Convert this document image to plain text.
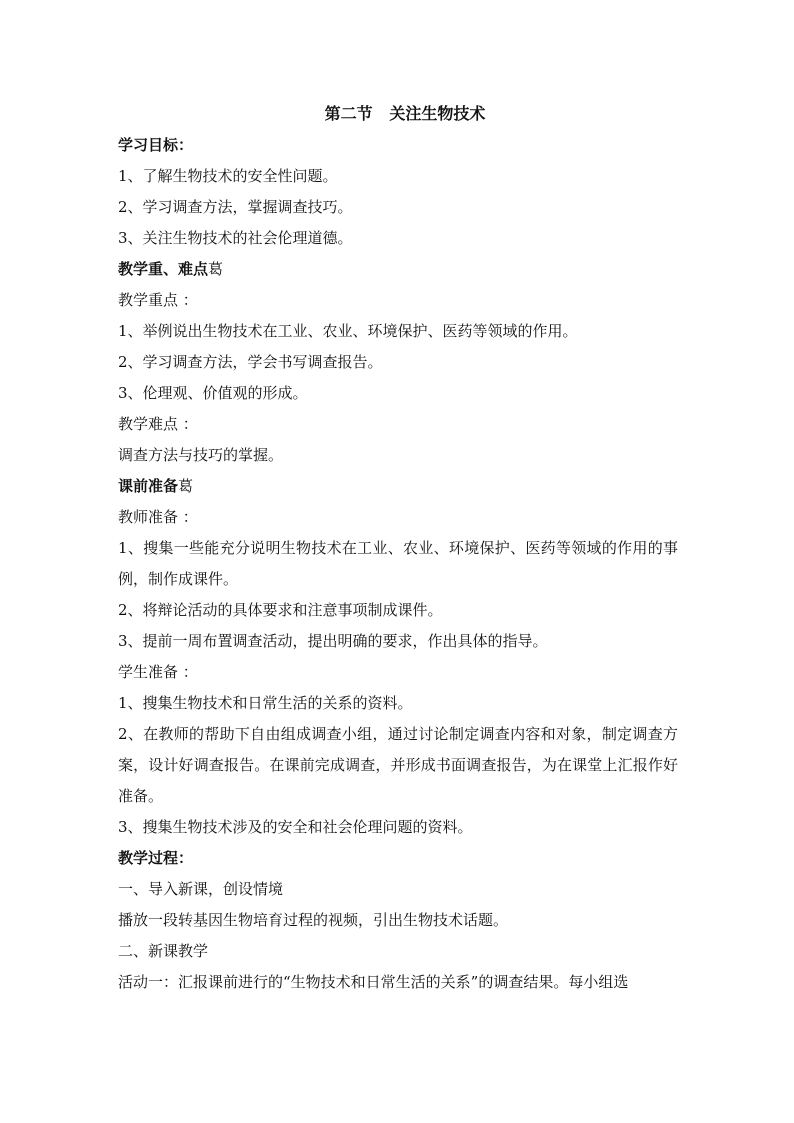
第二节   关注生物技术

学习目标：

1、了解生物技术的安全性问题。

2、学习调查方法，掌握调查技巧。

3、关注生物技术的社会伦理道德。

教学重、难点葛

教学重点 ：

1、举例说出生物技术在工业、农业、环境保护、医药等领域的作用。

2、学习调查方法，学会书写调查报告。

3、伦理观、价值观的形成。

教学难点 ：

调查方法与技巧的掌握。

课前准备葛

教师准备 ：

1、搜集一些能充分说明生物技术在工业、农业、环境保护、医药等领域的作用的事例，制作成课件。

2、将辩论活动的具体要求和注意事项制成课件。

3、提前一周布置调查活动，提出明确的要求，作出具体的指导。

学生准备 ：

1、搜集生物技术和日常生活的关系的资料。

2、在教师的帮助下自由组成调查小组，通过讨论制定调查内容和对象，制定调查方案，设计好调查报告。在课前完成调查，并形成书面调查报告，为在课堂上汇报作好准备。

3、搜集生物技术涉及的安全和社会伦理问题的资料。

教学过程：

一、导入新课，创设情境

播放一段转基因生物培育过程的视频，引出生物技术话题。

二、新课教学

活动一：汇报课前进行的“生物技术和日常生活的关系”的调查结果。每小组选
